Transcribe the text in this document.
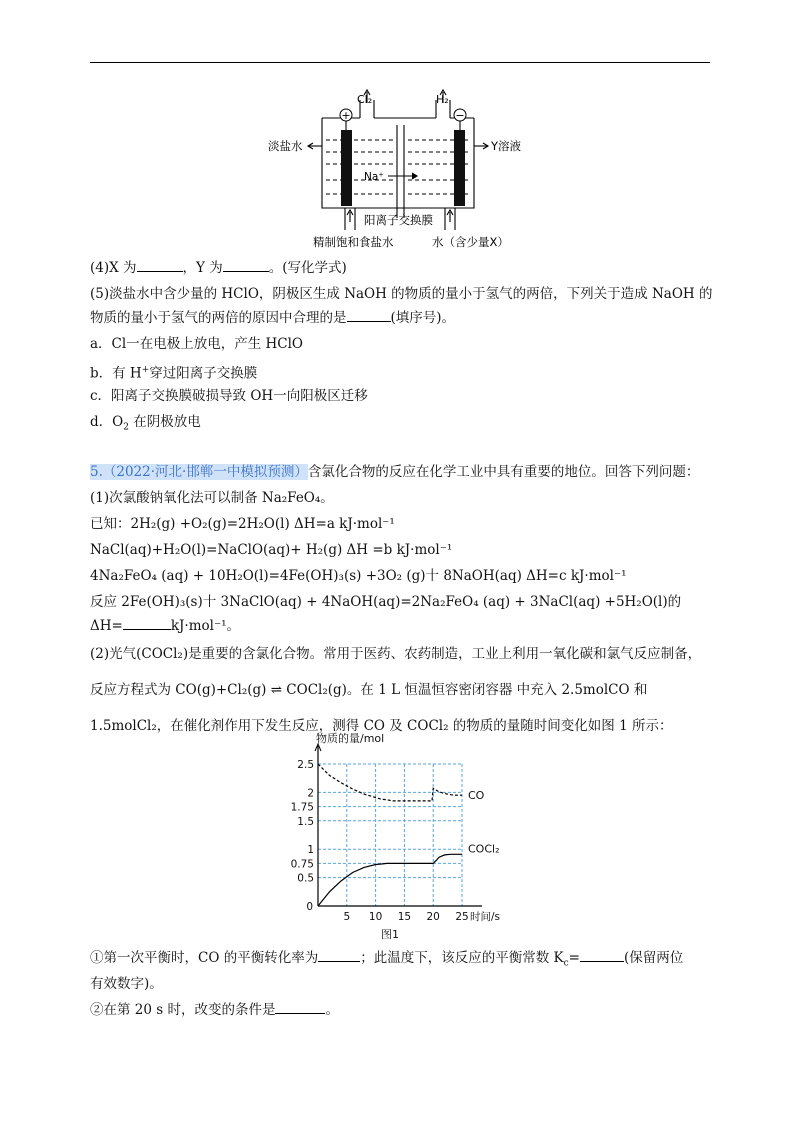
+	−
Cl₂	H₂
淡盐水	Y溶液
Na⁺
阳离子交换膜
精制饱和食盐水	水（含少量X）
(4)X 为	，Y 为	。(写化学式)
(5)淡盐水中含少量的 HClO，阴极区生成 NaOH 的物质的量小于氢气的两倍，下列关于造成 NaOH 的
物质的量小于氢气的两倍的原因中合理的是	(填序号)。
a．Cl一在电极上放电，产生 HClO
b．有 H+穿过阳离子交换膜
c．阳离子交换膜破损导致 OH一向阳极区迁移
d．$O_2$ 在阴极放电
5.（2022·河北·邯郸一中模拟预测）含氯化合物的反应在化学工业中具有重要的地位。回答下列问题：
(1)次氯酸钠氧化法可以制备 Na₂FeO₄。
已知：2H₂(g) +O₂(g)=2H₂O(l) ΔH=a kJ·mol⁻¹
NaCl(aq)+H₂O(l)=NaClO(aq)+ H₂(g) ΔH =b kJ·mol⁻¹
4Na₂FeO₄ (aq) + 10H₂O(l)=4Fe(OH)₃(s) +3O₂ (g)十 8NaOH(aq) ΔH=c kJ·mol⁻¹
反应 2Fe(OH)₃(s)十 3NaClO(aq) + 4NaOH(aq)=2Na₂FeO₄ (aq) + 3NaCl(aq) +5H₂O(l)的
ΔH=	kJ·mol⁻¹。
(2)光气(COCl₂)是重要的含氯化合物。常用于医药、农药制造，工业上利用一氧化碳和氯气反应制备，
反应方程式为 CO(g)+Cl₂(g) ⇌ COCl₂(g)。在 1 L 恒温恒容密闭容器 中充入 2.5molCO 和
1.5molCl₂，在催化剂作用下发生反应，测得 CO 及 COCl₂ 的物质的量随时间变化如图 1 所示：
5 10 15 20 25
0.5
0.75
1
1.5
1.75
2
2.5
0
时间/s
物质的量/mol
图1
CO
COCl₂
①第一次平衡时，CO 的平衡转化率为	；此温度下，该反应的平衡常数 $K_c=$	(保留两位
有效数字)。
②在第 20 s 时，改变的条件是	。
